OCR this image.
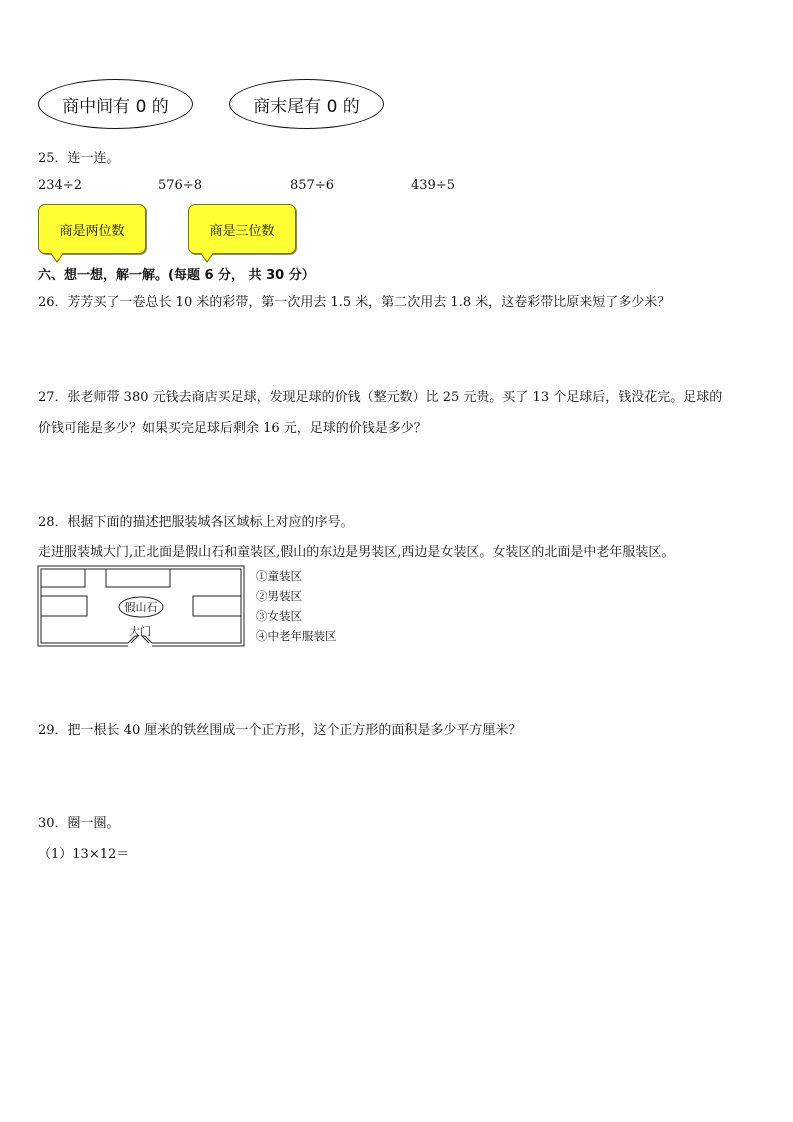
商中间有 0 的	商末尾有 0 的
25．连一连。
234÷2	576÷8	857÷6	439÷5
商是两位数	商是三位数
六、想一想，解一解。(每题 6 分， 共 30 分）
26．芳芳买了一卷总长 10 米的彩带，第一次用去 1.5 米，第二次用去 1.8 米，这卷彩带比原来短了多少米？
27．张老师带 380 元钱去商店买足球，发现足球的价钱（整元数）比 25 元贵。买了 13 个足球后，钱没花完。足球的
价钱可能是多少？如果买完足球后剩余 16 元，足球的价钱是多少？
28．根据下面的描述把服装城各区域标上对应的序号。
走进服装城大门,正北面是假山石和童装区,假山的东边是男装区,西边是女装区。女装区的北面是中老年服装区。
假山石
大门
①童装区
②男装区
③女装区
④中老年服装区
29．把一根长 40 厘米的铁丝围成一个正方形，这个正方形的面积是多少平方厘米？
30．圈一圈。
（1）13×12＝
